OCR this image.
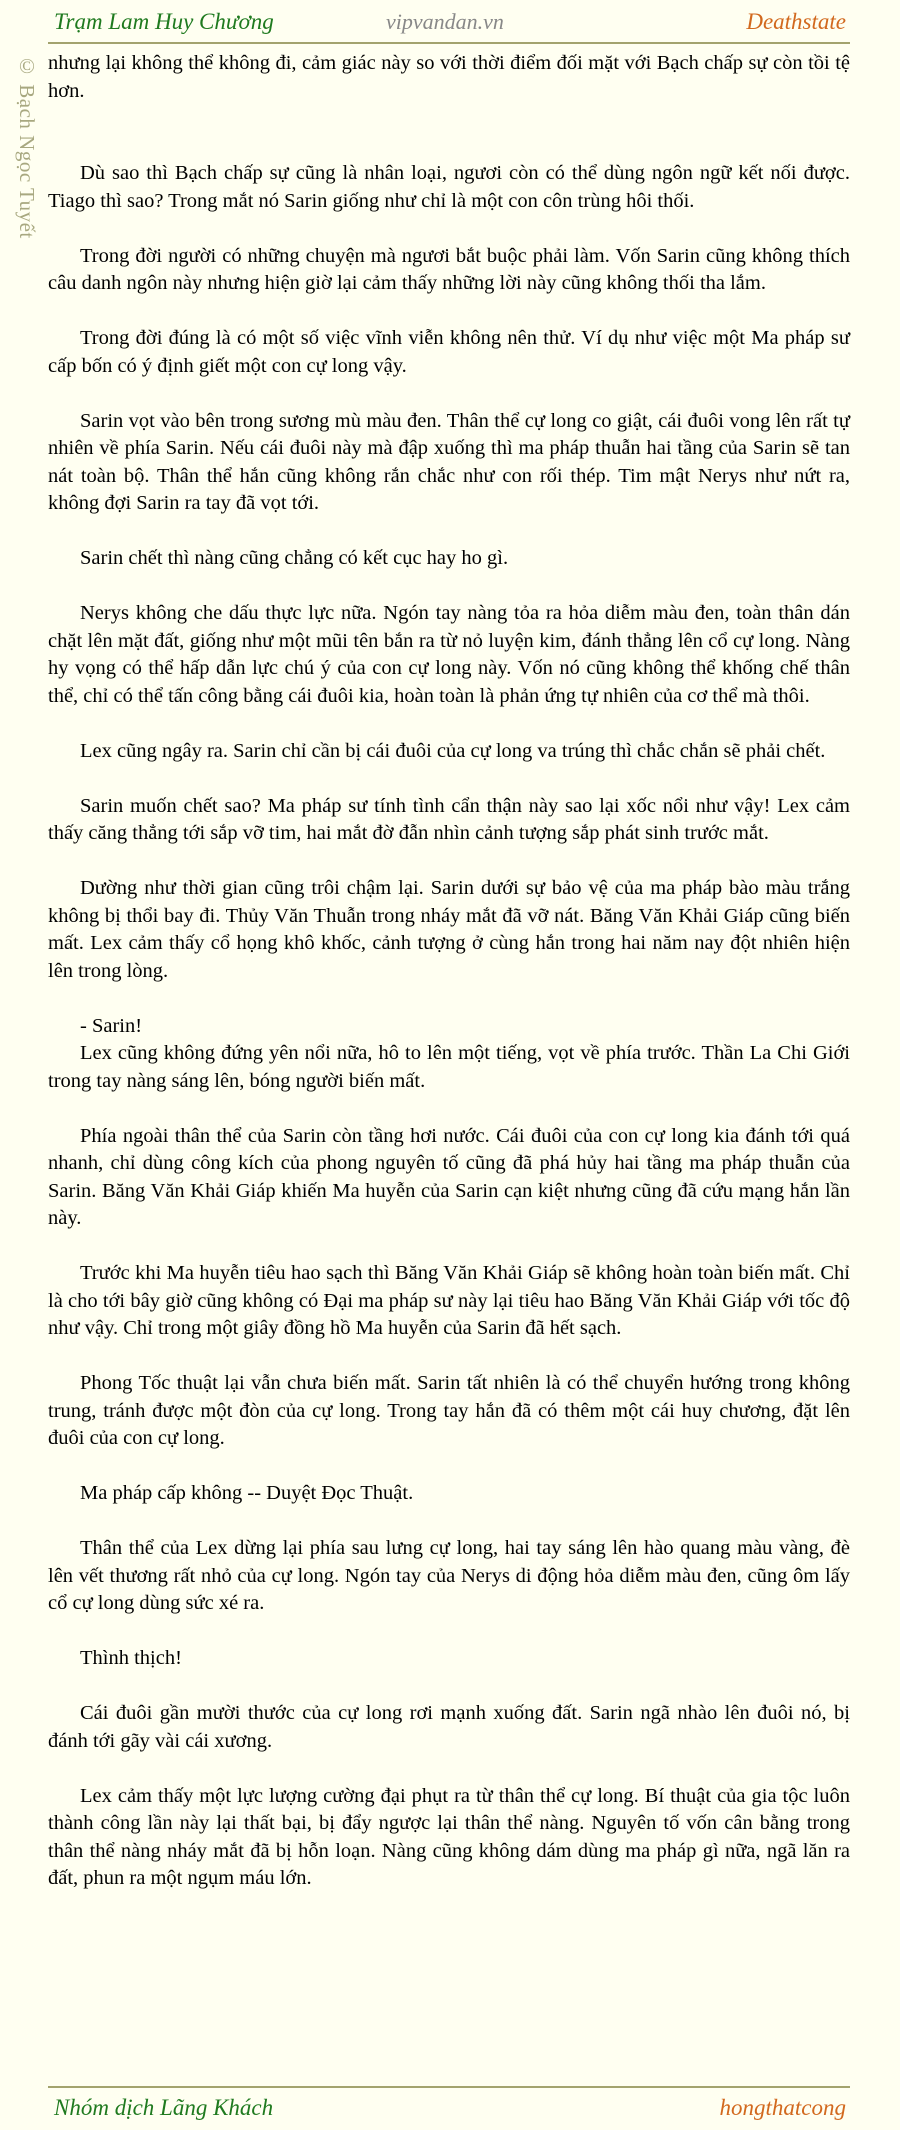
Trạm Lam Huy Chương	vipvandan.vn	Deathstate
© Bạch Ngọc Tuyết nhưng lại không thể không đi, cảm giác này so với thời điểm đối mặt với Bạch chấp sự còn tồi tệ hơn.

Dù sao thì Bạch chấp sự cũng là nhân loại, ngươi còn có thể dùng ngôn ngữ kết nối được. Tiago thì sao? Trong mắt nó Sarin giống như chỉ là một con côn trùng hôi thối.

Trong đời người có những chuyện mà ngươi bắt buộc phải làm. Vốn Sarin cũng không thích câu danh ngôn này nhưng hiện giờ lại cảm thấy những lời này cũng không thối tha lắm.

Trong đời đúng là có một số việc vĩnh viễn không nên thử. Ví dụ như việc một Ma pháp sư cấp bốn có ý định giết một con cự long vậy.

Sarin vọt vào bên trong sương mù màu đen. Thân thể cự long co giật, cái đuôi vong lên rất tự nhiên về phía Sarin. Nếu cái đuôi này mà đập xuống thì ma pháp thuẫn hai tầng của Sarin sẽ tan nát toàn bộ. Thân thể hắn cũng không rắn chắc như con rối thép. Tim mật Nerys như nứt ra, không đợi Sarin ra tay đã vọt tới.

Sarin chết thì nàng cũng chẳng có kết cục hay ho gì.

Nerys không che dấu thực lực nữa. Ngón tay nàng tỏa ra hỏa diễm màu đen, toàn thân dán chặt lên mặt đất, giống như một mũi tên bắn ra từ nỏ luyện kim, đánh thẳng lên cổ cự long. Nàng hy vọng có thể hấp dẫn lực chú ý của con cự long này. Vốn nó cũng không thể khống chế thân thể, chỉ có thể tấn công bằng cái đuôi kia, hoàn toàn là phản ứng tự nhiên của cơ thể mà thôi.

Lex cũng ngây ra. Sarin chỉ cần bị cái đuôi của cự long va trúng thì chắc chắn sẽ phải chết.

Sarin muốn chết sao? Ma pháp sư tính tình cẩn thận này sao lại xốc nổi như vậy! Lex cảm thấy căng thẳng tới sắp vỡ tim, hai mắt đờ đẫn nhìn cảnh tượng sắp phát sinh trước mắt.

Dường như thời gian cũng trôi chậm lại. Sarin dưới sự bảo vệ của ma pháp bào màu trắng không bị thổi bay đi. Thủy Văn Thuẫn trong nháy mắt đã vỡ nát. Băng Văn Khải Giáp cũng biến mất. Lex cảm thấy cổ họng khô khốc, cảnh tượng ở cùng hắn trong hai năm nay đột nhiên hiện lên trong lòng.

- Sarin!

Lex cũng không đứng yên nổi nữa, hô to lên một tiếng, vọt về phía trước. Thần La Chi Giới trong tay nàng sáng lên, bóng người biến mất.

Phía ngoài thân thể của Sarin còn tầng hơi nước. Cái đuôi của con cự long kia đánh tới quá nhanh, chỉ dùng công kích của phong nguyên tố cũng đã phá hủy hai tầng ma pháp thuẫn của Sarin. Băng Văn Khải Giáp khiến Ma huyễn của Sarin cạn kiệt nhưng cũng đã cứu mạng hắn lần này.

Trước khi Ma huyễn tiêu hao sạch thì Băng Văn Khải Giáp sẽ không hoàn toàn biến mất. Chỉ là cho tới bây giờ cũng không có Đại ma pháp sư này lại tiêu hao Băng Văn Khải Giáp với tốc độ như vậy. Chỉ trong một giây đồng hồ Ma huyễn của Sarin đã hết sạch.

Phong Tốc thuật lại vẫn chưa biến mất. Sarin tất nhiên là có thể chuyển hướng trong không trung, tránh được một đòn của cự long. Trong tay hắn đã có thêm một cái huy chương, đặt lên đuôi của con cự long.

Ma pháp cấp không -- Duyệt Đọc Thuật.

Thân thể của Lex dừng lại phía sau lưng cự long, hai tay sáng lên hào quang màu vàng, đè lên vết thương rất nhỏ của cự long. Ngón tay của Nerys di động hỏa diễm màu đen, cũng ôm lấy cổ cự long dùng sức xé ra.

Thình thịch!

Cái đuôi gần mười thước của cự long rơi mạnh xuống đất. Sarin ngã nhào lên đuôi nó, bị đánh tới gãy vài cái xương.

Lex cảm thấy một lực lượng cường đại phụt ra từ thân thể cự long. Bí thuật của gia tộc luôn thành công lần này lại thất bại, bị đẩy ngược lại thân thể nàng. Nguyên tố vốn cân bằng trong thân thể nàng nháy mắt đã bị hỗn loạn. Nàng cũng không dám dùng ma pháp gì nữa, ngã lăn ra đất, phun ra một ngụm máu lớn.

Nhóm dịch Lãng Khách	hongthatcong
